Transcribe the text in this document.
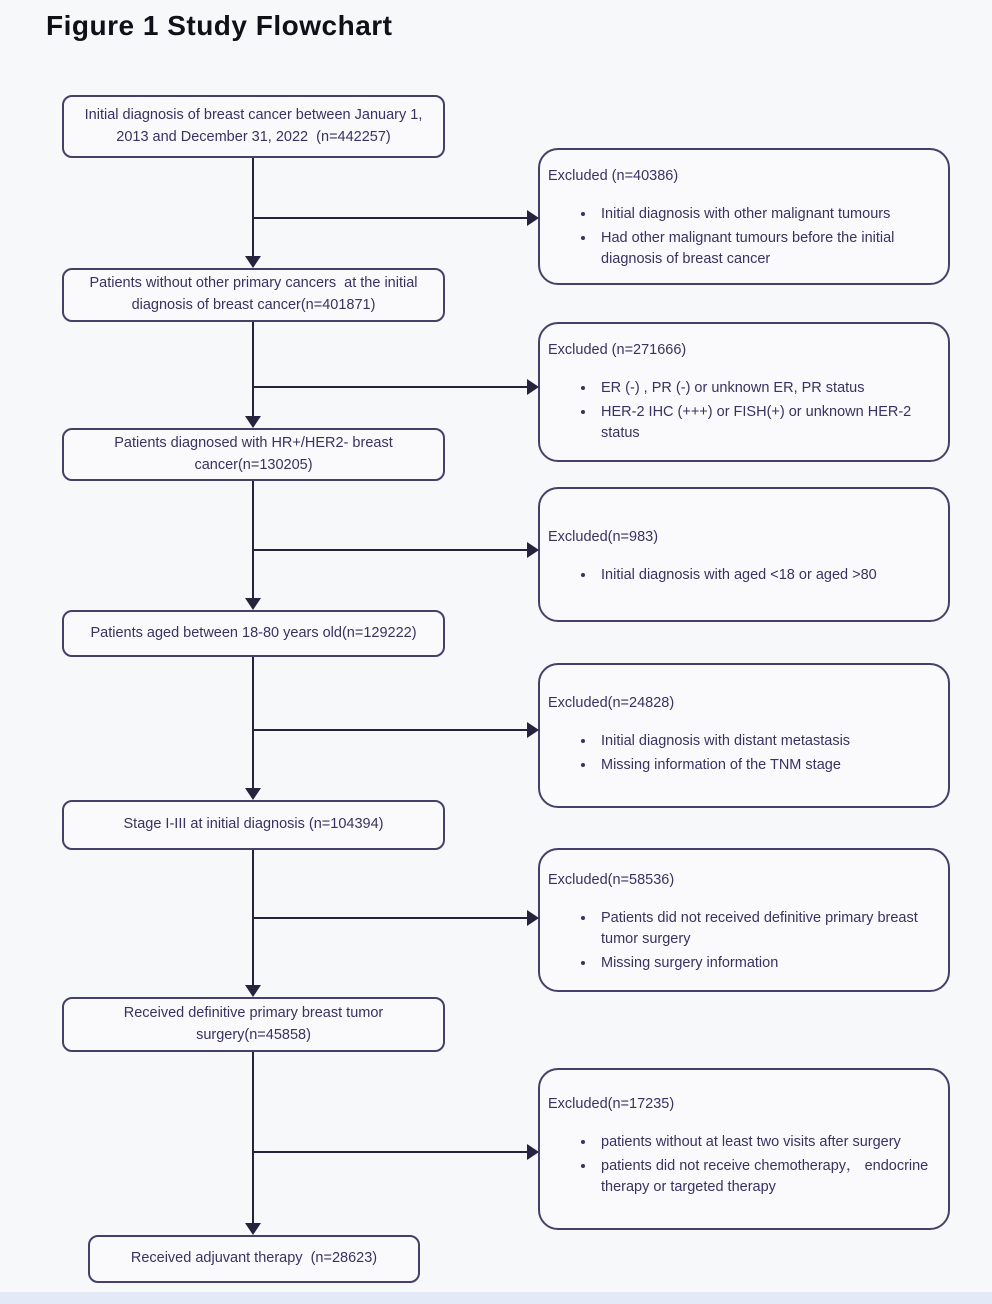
Figure 1 Study Flowchart
Initial diagnosis of breast cancer between January 1, 2013 and December 31, 2022  (n=442257)
Patients without other primary cancers  at the initial diagnosis of breast cancer(n=401871)
Patients diagnosed with HR+/HER2- breast cancer(n=130205)
Patients aged between 18-80 years old(n=129222)
Stage I-III at initial diagnosis (n=104394)
Received definitive primary breast tumor surgery(n=45858)
Received adjuvant therapy  (n=28623)
Excluded (n=40386)
• Initial diagnosis with other malignant tumours
• Had other malignant tumours before the initial diagnosis of breast cancer
Excluded (n=271666)
• ER (-) , PR (-) or unknown ER, PR status
• HER-2 IHC (+++) or FISH(+) or unknown HER-2 status
Excluded(n=983)
• Initial diagnosis with aged <18 or aged >80
Excluded(n=24828)
• Initial diagnosis with distant metastasis
• Missing information of the TNM stage
Excluded(n=58536)
• Patients did not received definitive primary breast tumor surgery
• Missing surgery information
Excluded(n=17235)
• patients without at least two visits after surgery
• patients did not receive chemotherapy， endocrine therapy or targeted therapy
